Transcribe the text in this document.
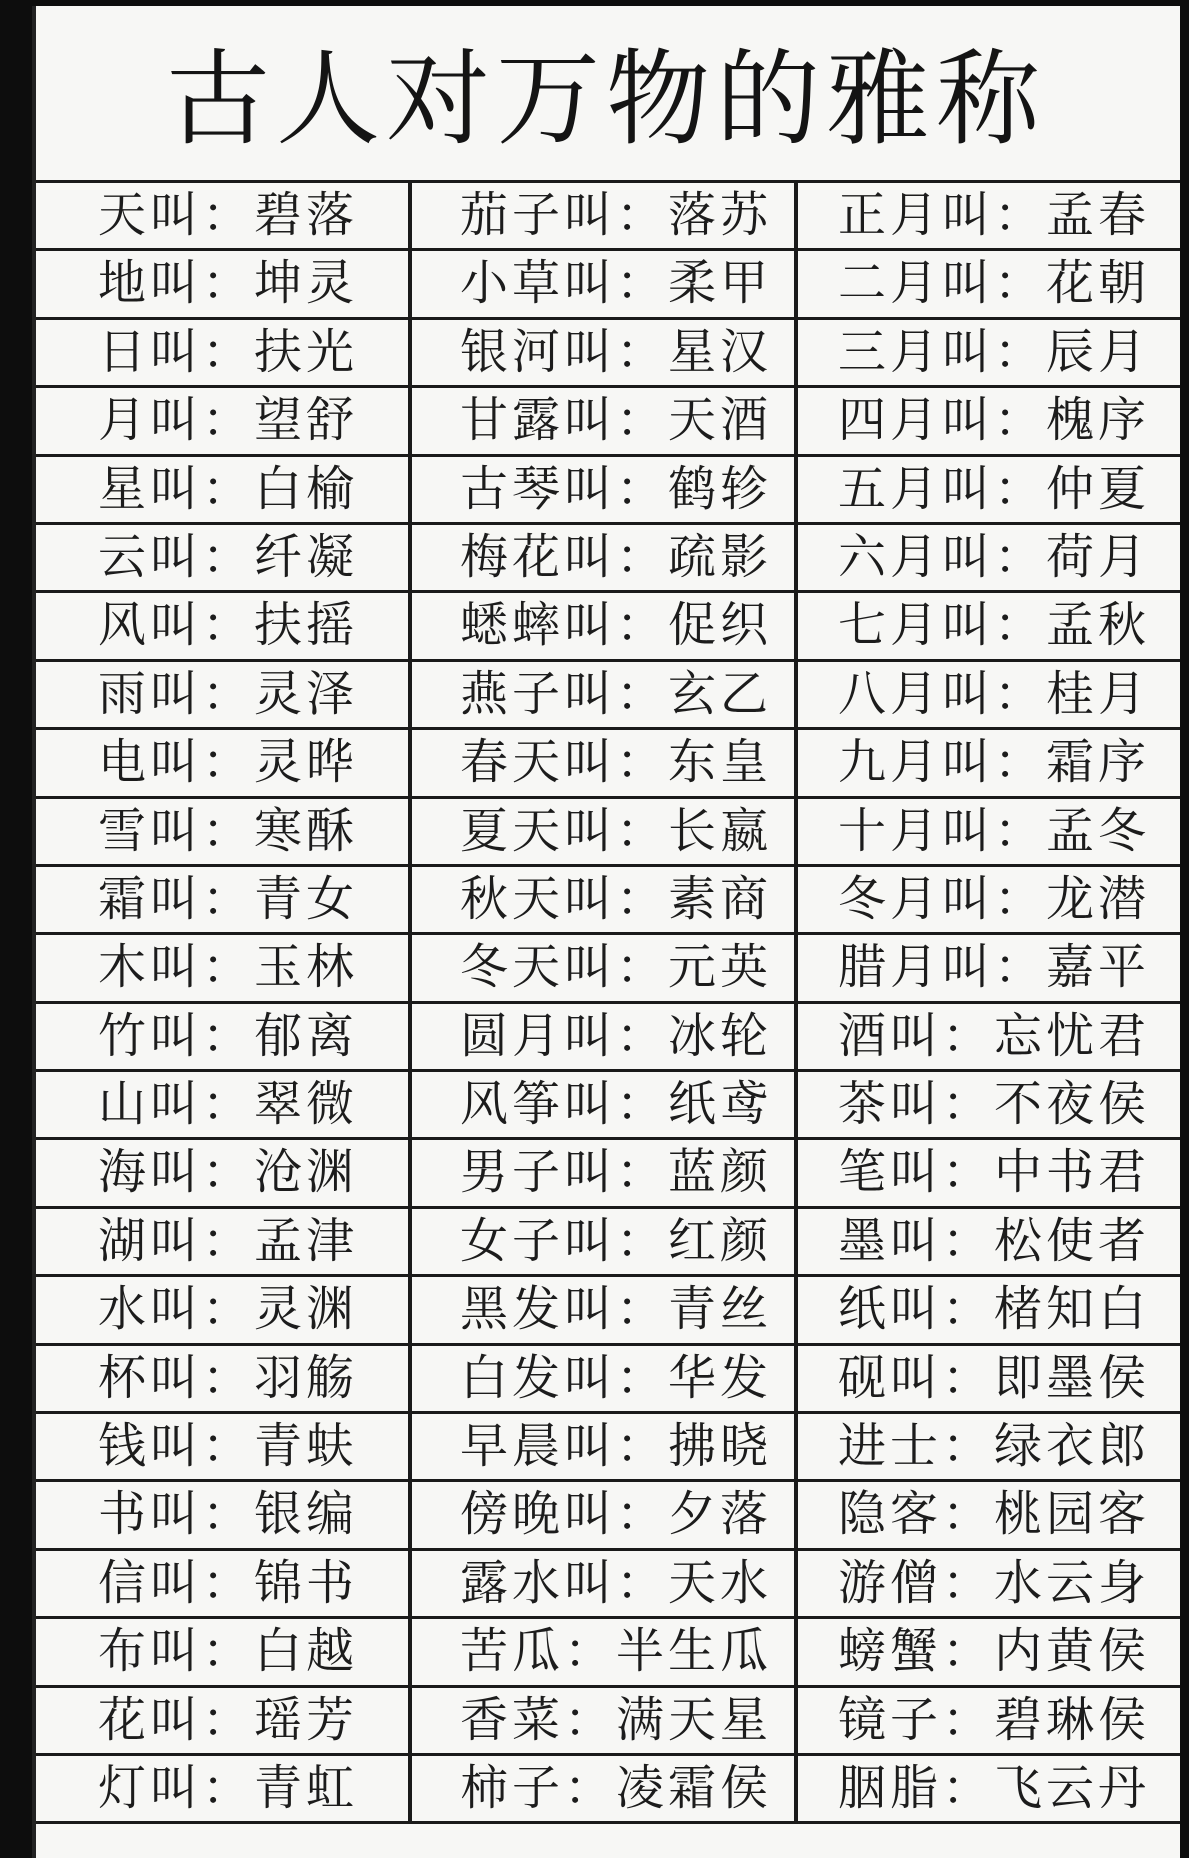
古人对万物的雅称
天叫：碧落	茄子叫：落苏	正月叫：孟春
地叫：坤灵	小草叫：柔甲	二月叫：花朝
日叫：扶光	银河叫：星汉	三月叫：辰月
月叫：望舒	甘露叫：天酒	四月叫：槐序
星叫：白榆	古琴叫：鹤轸	五月叫：仲夏
云叫：纤凝	梅花叫：疏影	六月叫：荷月
风叫：扶摇	蟋蟀叫：促织	七月叫：孟秋
雨叫：灵泽	燕子叫：玄乙	八月叫：桂月
电叫：灵晔	春天叫：东皇	九月叫：霜序
雪叫：寒酥	夏天叫：长嬴	十月叫：孟冬
霜叫：青女	秋天叫：素商	冬月叫：龙潜
木叫：玉林	冬天叫：元英	腊月叫：嘉平
竹叫：郁离	圆月叫：冰轮	酒叫：忘忧君
山叫：翠微	风筝叫：纸鸢	茶叫：不夜侯
海叫：沧渊	男子叫：蓝颜	笔叫：中书君
湖叫：孟津	女子叫：红颜	墨叫：松使者
水叫：灵渊	黑发叫：青丝	纸叫：楮知白
杯叫：羽觞	白发叫：华发	砚叫：即墨侯
钱叫：青蚨	早晨叫：拂晓	进士：绿衣郎
书叫：银编	傍晚叫：夕落	隐客：桃园客
信叫：锦书	露水叫：天水	游僧：水云身
布叫：白越	苦瓜：半生瓜	螃蟹：内黄侯
花叫：瑶芳	香菜：满天星	镜子：碧琳侯
灯叫：青虹	柿子：凌霜侯	胭脂：飞云丹
